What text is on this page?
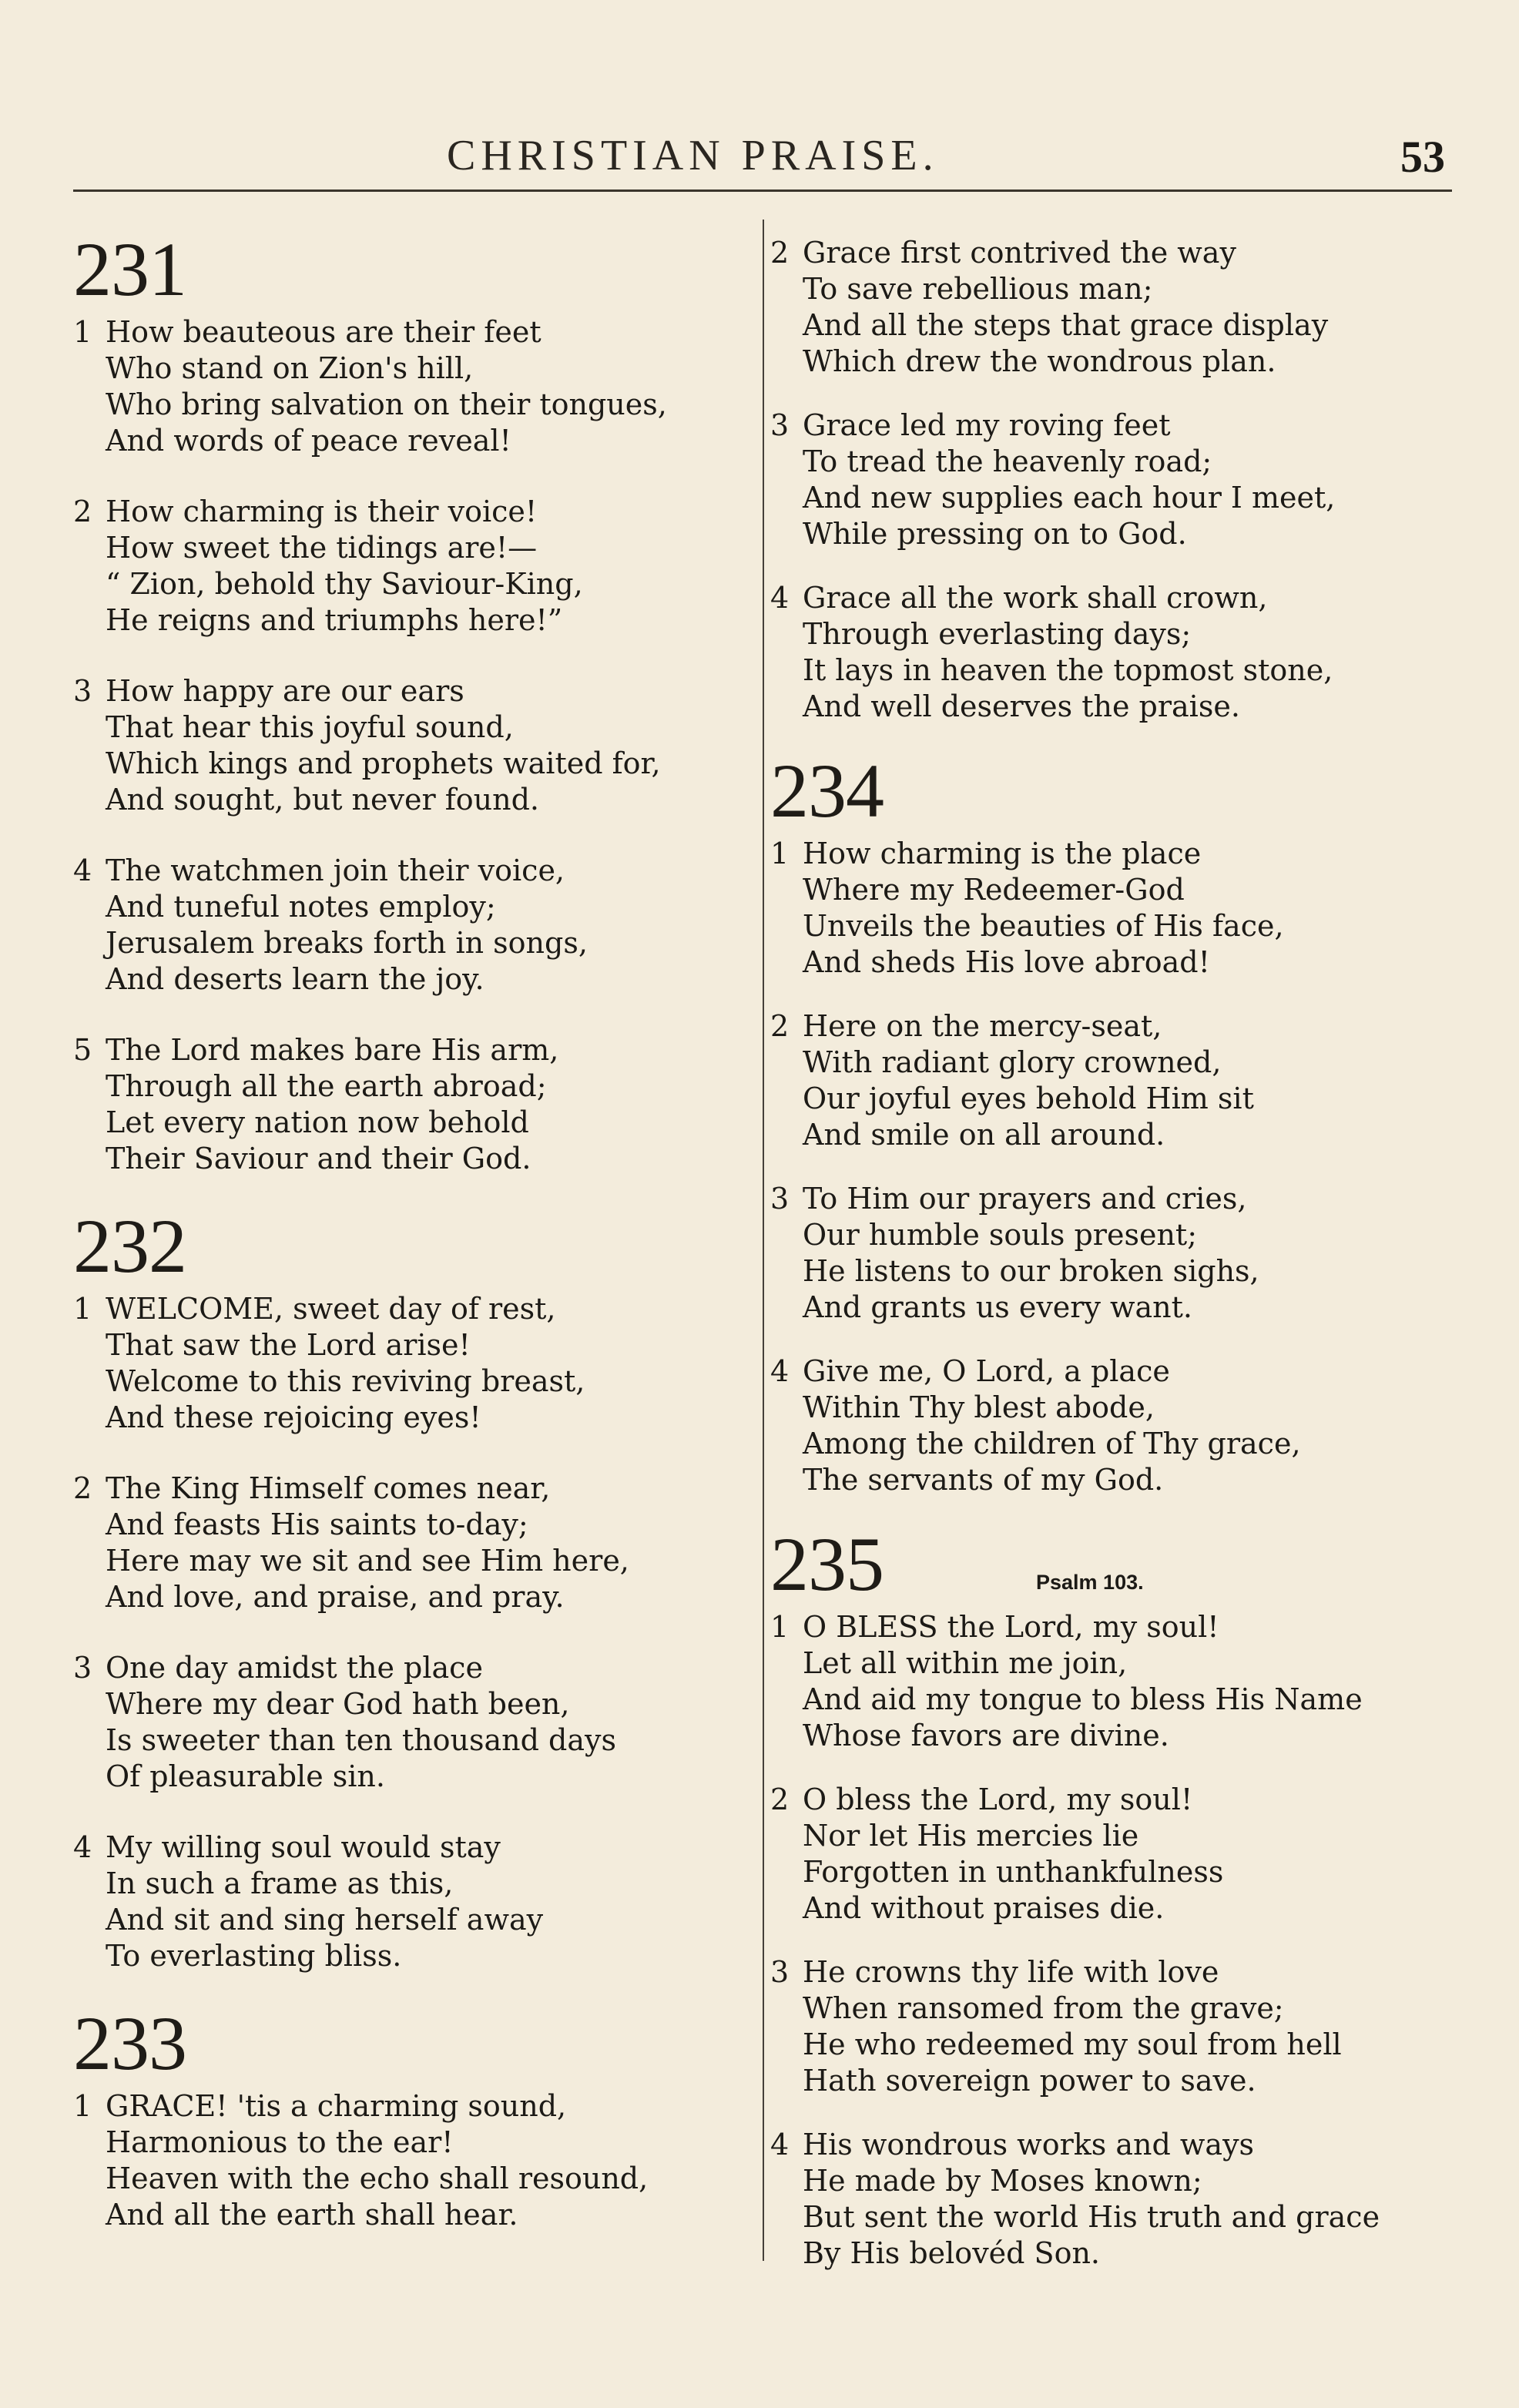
CHRISTIAN PRAISE.	53
231
1 How beauteous are their feet
Who stand on Zion's hill,
Who bring salvation on their tongues,
And words of peace reveal!
2 How charming is their voice!
How sweet the tidings are!—
“ Zion, behold thy Saviour-King,
He reigns and triumphs here!”
3 How happy are our ears
That hear this joyful sound,
Which kings and prophets waited for,
And sought, but never found.
4 The watchmen join their voice,
And tuneful notes employ;
Jerusalem breaks forth in songs,
And deserts learn the joy.
5 The Lord makes bare His arm,
Through all the earth abroad;
Let every nation now behold
Their Saviour and their God.
232
1 WELCOME, sweet day of rest,
That saw the Lord arise!
Welcome to this reviving breast,
And these rejoicing eyes!
2 The King Himself comes near,
And feasts His saints to-day;
Here may we sit and see Him here,
And love, and praise, and pray.
3 One day amidst the place
Where my dear God hath been,
Is sweeter than ten thousand days
Of pleasurable sin.
4 My willing soul would stay
In such a frame as this,
And sit and sing herself away
To everlasting bliss.
233
1 GRACE! 'tis a charming sound,
Harmonious to the ear!
Heaven with the echo shall resound,
And all the earth shall hear.
2 Grace first contrived the way
To save rebellious man;
And all the steps that grace display
Which drew the wondrous plan.
3 Grace led my roving feet
To tread the heavenly road;
And new supplies each hour I meet,
While pressing on to God.
4 Grace all the work shall crown,
Through everlasting days;
It lays in heaven the topmost stone,
And well deserves the praise.
234
1 How charming is the place
Where my Redeemer-God
Unveils the beauties of His face,
And sheds His love abroad!
2 Here on the mercy-seat,
With radiant glory crowned,
Our joyful eyes behold Him sit
And smile on all around.
3 To Him our prayers and cries,
Our humble souls present;
He listens to our broken sighs,
And grants us every want.
4 Give me, O Lord, a place
Within Thy blest abode,
Among the children of Thy grace,
The servants of my God.
235	Psalm 103.
1 O BLESS the Lord, my soul!
Let all within me join,
And aid my tongue to bless His Name
Whose favors are divine.
2 O bless the Lord, my soul!
Nor let His mercies lie
Forgotten in unthankfulness
And without praises die.
3 He crowns thy life with love
When ransomed from the grave;
He who redeemed my soul from hell
Hath sovereign power to save.
4 His wondrous works and ways
He made by Moses known;
But sent the world His truth and grace
By His belovéd Son.
